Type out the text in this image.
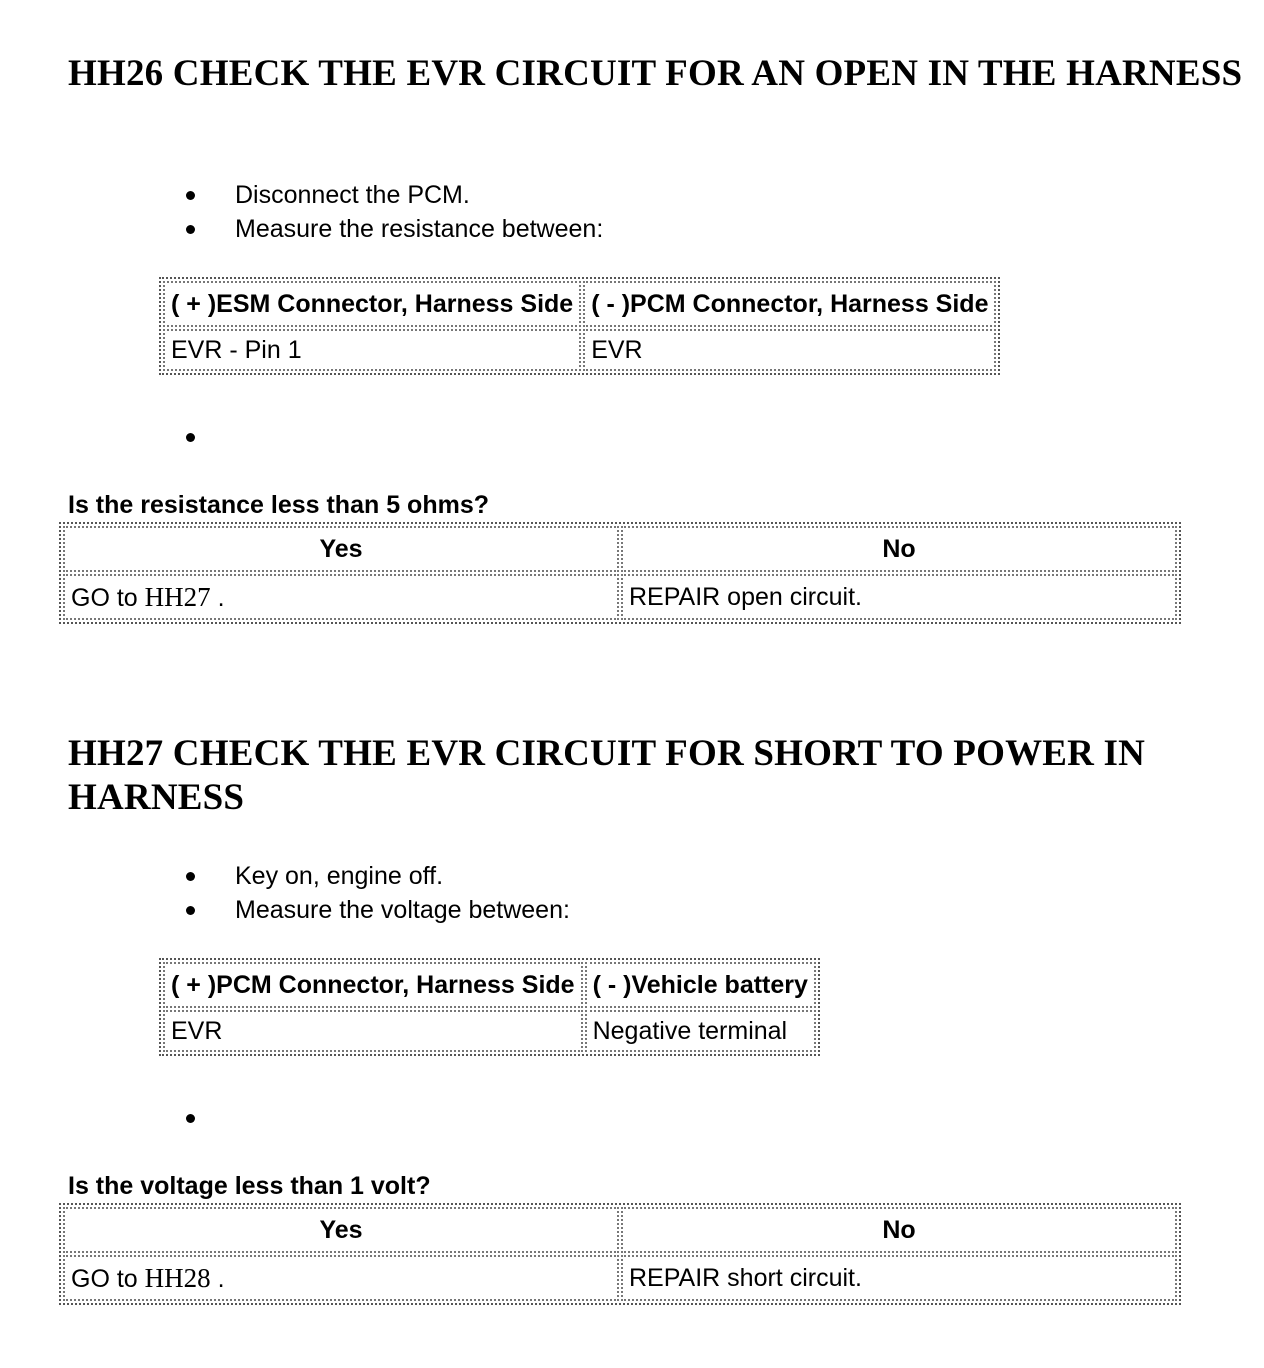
HH26 CHECK THE EVR CIRCUIT FOR AN OPEN IN THE HARNESS
Disconnect the PCM.
Measure the resistance between:
( + )ESM Connector, Harness Side	( - )PCM Connector, Harness Side
EVR - Pin 1	EVR

Is the resistance less than 5 ohms?

Yes	No
GO to HH27 .	REPAIR open circuit.
HH27 CHECK THE EVR CIRCUIT FOR SHORT TO POWER IN HARNESS
Key on, engine off.
Measure the voltage between:
( + )PCM Connector, Harness Side	( - )Vehicle battery
EVR	Negative terminal

Is the voltage less than 1 volt?

Yes	No
GO to HH28 .	REPAIR short circuit.
